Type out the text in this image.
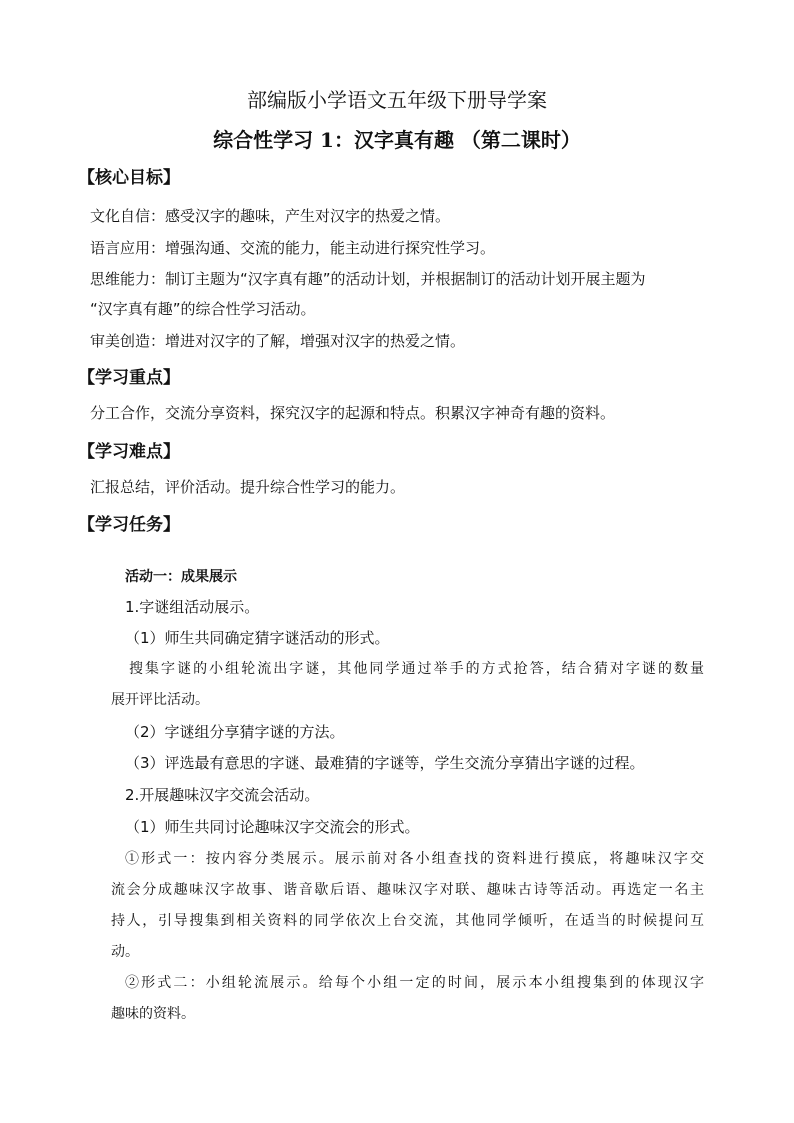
部编版小学语文五年级下册导学案
综合性学习 1：汉字真有趣 （第二课时）
【核心目标】
文化自信：感受汉字的趣味，产生对汉字的热爱之情。
语言应用：增强沟通、交流的能力，能主动进行探究性学习。
思维能力：制订主题为“汉字真有趣”的活动计划，并根据制订的活动计划开展主题为
“汉字真有趣”的综合性学习活动。
审美创造：增进对汉字的了解，增强对汉字的热爱之情。
【学习重点】
分工合作，交流分享资料，探究汉字的起源和特点。积累汉字神奇有趣的资料。
【学习难点】
汇报总结，评价活动。提升综合性学习的能力。
【学习任务】
活动一：成果展示
1.字谜组活动展示。
（1）师生共同确定猜字谜活动的形式。
搜集字谜的小组轮流出字谜，其他同学通过举手的方式抢答，结合猜对字谜的数量
展开评比活动。
（2）字谜组分享猜字谜的方法。
（3）评选最有意思的字谜、最难猜的字谜等，学生交流分享猜出字谜的过程。
2.开展趣味汉字交流会活动。
（1）师生共同讨论趣味汉字交流会的形式。
①形式一：按内容分类展示。展示前对各小组查找的资料进行摸底，将趣味汉字交
流会分成趣味汉字故事、谐音歇后语、趣味汉字对联、趣味古诗等活动。再选定一名主
持人，引导搜集到相关资料的同学依次上台交流，其他同学倾听，在适当的时候提问互
动。
②形式二：小组轮流展示。给每个小组一定的时间，展示本小组搜集到的体现汉字
趣味的资料。
